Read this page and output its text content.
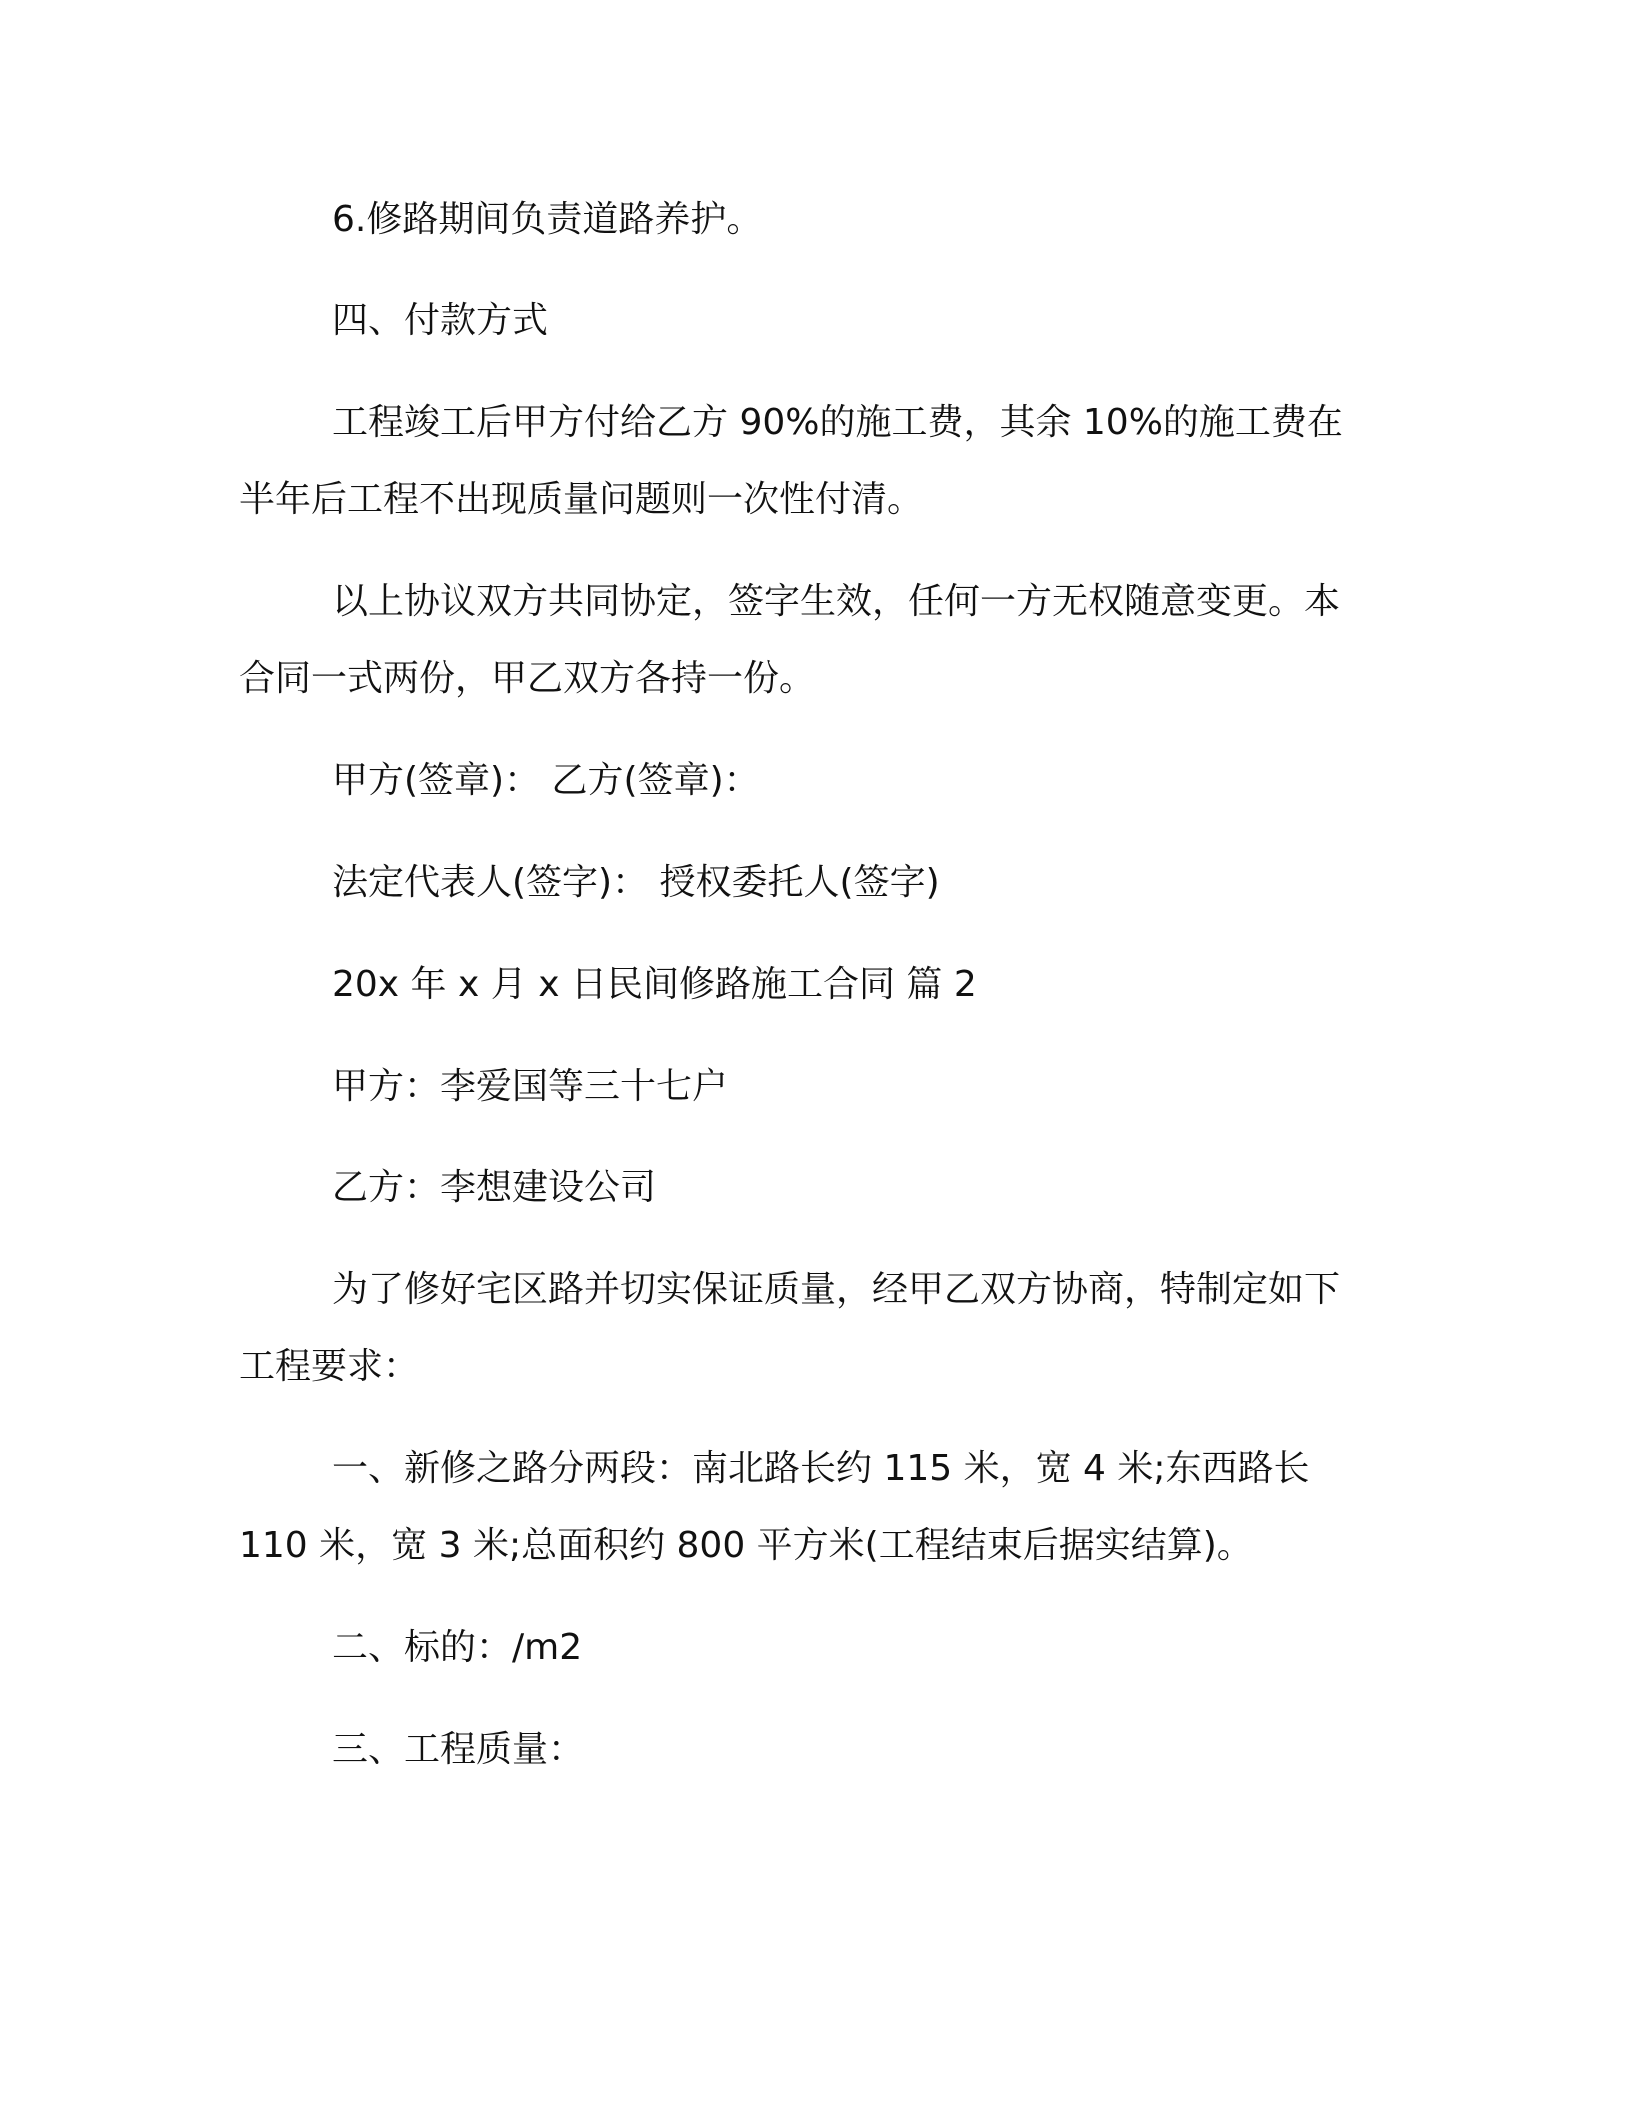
6.修路期间负责道路养护。
四、付款方式
工程竣工后甲方付给乙方 90%的施工费，其余 10%的施工费在
半年后工程不出现质量问题则一次性付清。
以上协议双方共同协定，签字生效，任何一方无权随意变更。本
合同一式两份，甲乙双方各持一份。
甲方(签章)： 乙方(签章)：
法定代表人(签字)： 授权委托人(签字)
20x 年 x 月 x 日民间修路施工合同 篇 2
甲方：李爱国等三十七户
乙方：李想建设公司
为了修好宅区路并切实保证质量，经甲乙双方协商，特制定如下
工程要求：
一、新修之路分两段：南北路长约 115 米，宽 4 米;东西路长
110 米，宽 3 米;总面积约 800 平方米(工程结束后据实结算)。
二、标的：/m2
三、工程质量：
